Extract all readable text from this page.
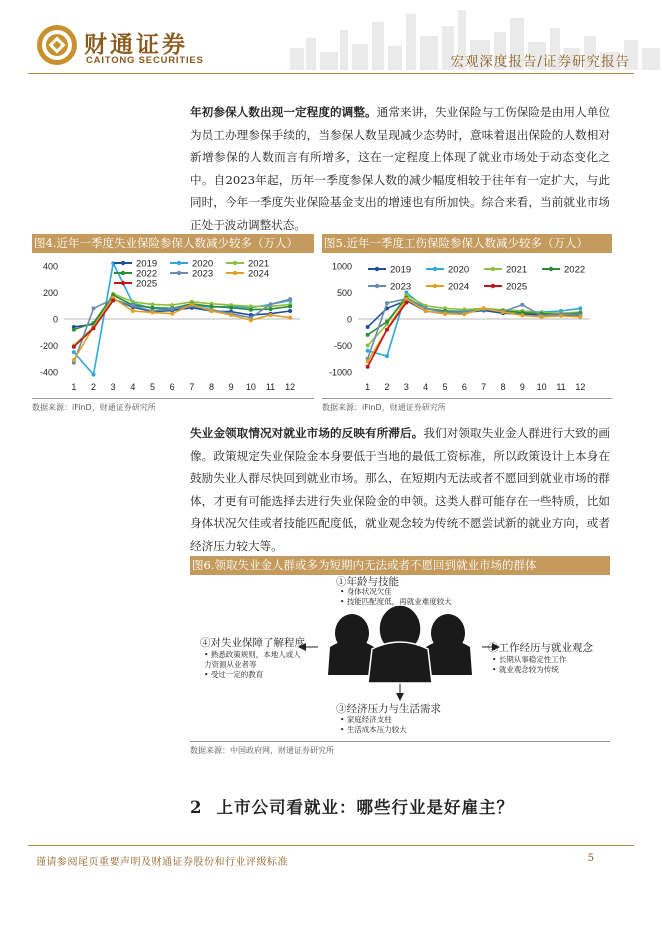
财通证券
CAITONG SECURITIES	宏观深度报告/证券研究报告
年初参保人数出现一定程度的调整。通常来讲，失业保险与工伤保险是由用人单位为员工办理参保手续的，当参保人数呈现减少态势时，意味着退出保险的人数相对新增参保的人数而言有所增多，这在一定程度上体现了就业市场处于动态变化之中。自2023年起，历年一季度参保人数的减少幅度相较于往年有一定扩大，与此同时，今年一季度失业保险基金支出的增速也有所加快。综合来看，当前就业市场正处于波动调整状态。
图4.近年一季度失业保险参保人数减少较多（万人）
-400
-200
0
200
400
1 2 3 4 5 6 7 8 9 10 11 12
2019	2020	2021
2022	2023	2024
2025
数据来源：iFinD，财通证券研究所
图5.近年一季度工伤保险参保人数减少较多（万人）
-1000
-500
0
500
1000
1 2 3 4 5 6 7 8 9 10 11 12
2019	2020	2021	2022
2023	2024	2025
数据来源：iFinD，财通证券研究所
失业金领取情况对就业市场的反映有所滞后。我们对领取失业金人群进行大致的画像。政策规定失业保险金本身要低于当地的最低工资标准，所以政策设计上本身在鼓励失业人群尽快回到就业市场。那么，在短期内无法或者不愿回到就业市场的群体，才更有可能选择去进行失业保险金的申领。这类人群可能存在一些特质，比如身体状况欠佳或者技能匹配度低，就业观念较为传统不愿尝试新的就业方向，或者经济压力较大等。
图6.领取失业金人群或多为短期内无法或者不愿回到就业市场的群体
①年龄与技能
• 身体状况欠佳
• 技能匹配度低，再就业难度较大
②工作经历与就业观念
• 长期从事稳定性工作
• 就业观念较为传统
④对失业保障了解程度
• 熟悉政策规则，本地人或人力资源从业者等
• 受过一定的教育
③经济压力与生活需求
• 家庭经济支柱
• 生活成本压力较大
数据来源：中国政府网，财通证券研究所
2 上市公司看就业：哪些行业是好雇主？
谨请参阅尾页重要声明及财通证券股份和行业评级标准	5
